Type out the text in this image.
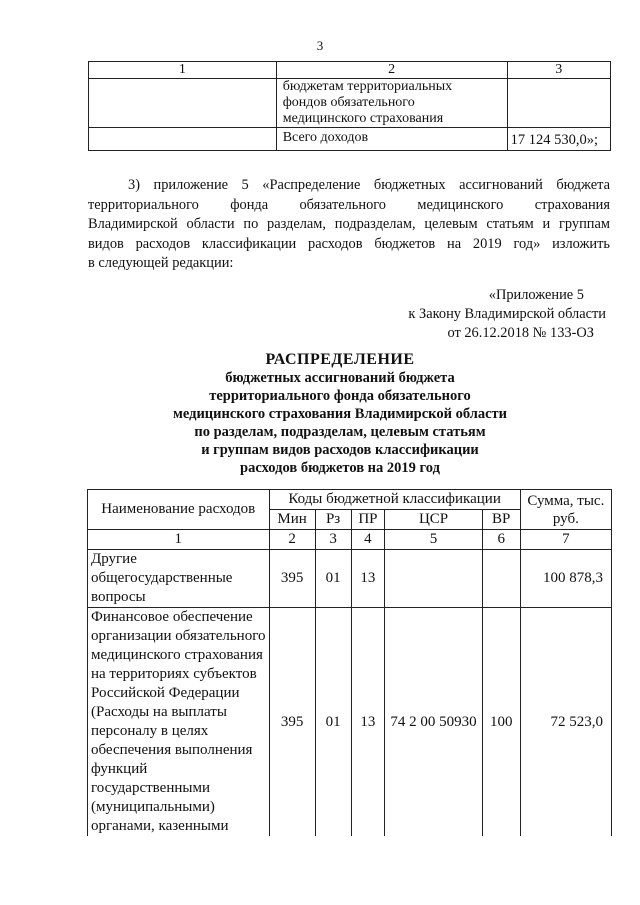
3
1	2	3

	бюджетам территориальных
фондов обязательного
медицинского страхования	

	Всего доходов	17 124 530,0»;
3) приложение 5 «Распределение бюджетных ассигнований бюджета
территориального фонда обязательного медицинского страхования
Владимирской области по разделам, подразделам, целевым статьям и группам
видов расходов классификации расходов бюджетов на 2019 год» изложить
в следующей редакции:
«Приложение 5
к Закону Владимирской области
от 26.12.2018 № 133-ОЗ
РАСПРЕДЕЛЕНИЕ
бюджетных ассигнований бюджета
территориального фонда обязательного
медицинского страхования Владимирской области
по разделам, подразделам, целевым статьям
и группам видов расходов классификации
расходов бюджетов на 2019 год
Наименование расходов	Коды бюджетной классификации					Сумма, тыс. руб.
	Мин	Рз	ПР	ЦСР	ВР	
1	2	3	4	5	6	7
Другие общегосударственные вопросы	395	01	13			100 878,3
Финансовое обеспечение организации обязательного медицинского страхования на территориях субъектов Российской Федерации (Расходы на выплаты персоналу в целях обеспечения выполнения функций государственными (муниципальными) органами, казенными	395	01	13	74 2 00 50930	100	72 523,0
